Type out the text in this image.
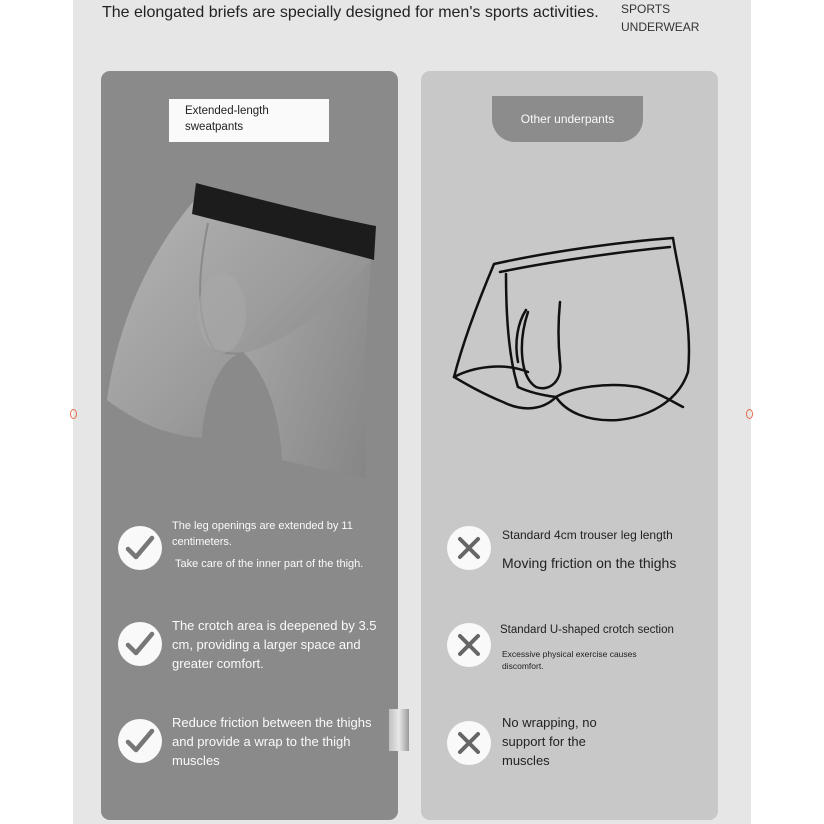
The elongated briefs are specially designed for men's sports activities. SPORTS
UNDERWEAR
Extended-length sweatpants
The leg openings are extended by 11 centimeters.
Take care of the inner part of the thigh.
The crotch area is deepened by 3.5 cm, providing a larger space and greater comfort.
Reduce friction between the thighs and provide a wrap to the thigh muscles
Other underpants
Standard 4cm trouser leg length
Moving friction on the thighs
Standard U-shaped crotch section
Excessive physical exercise causes discomfort.
No wrapping, no support for the muscles
